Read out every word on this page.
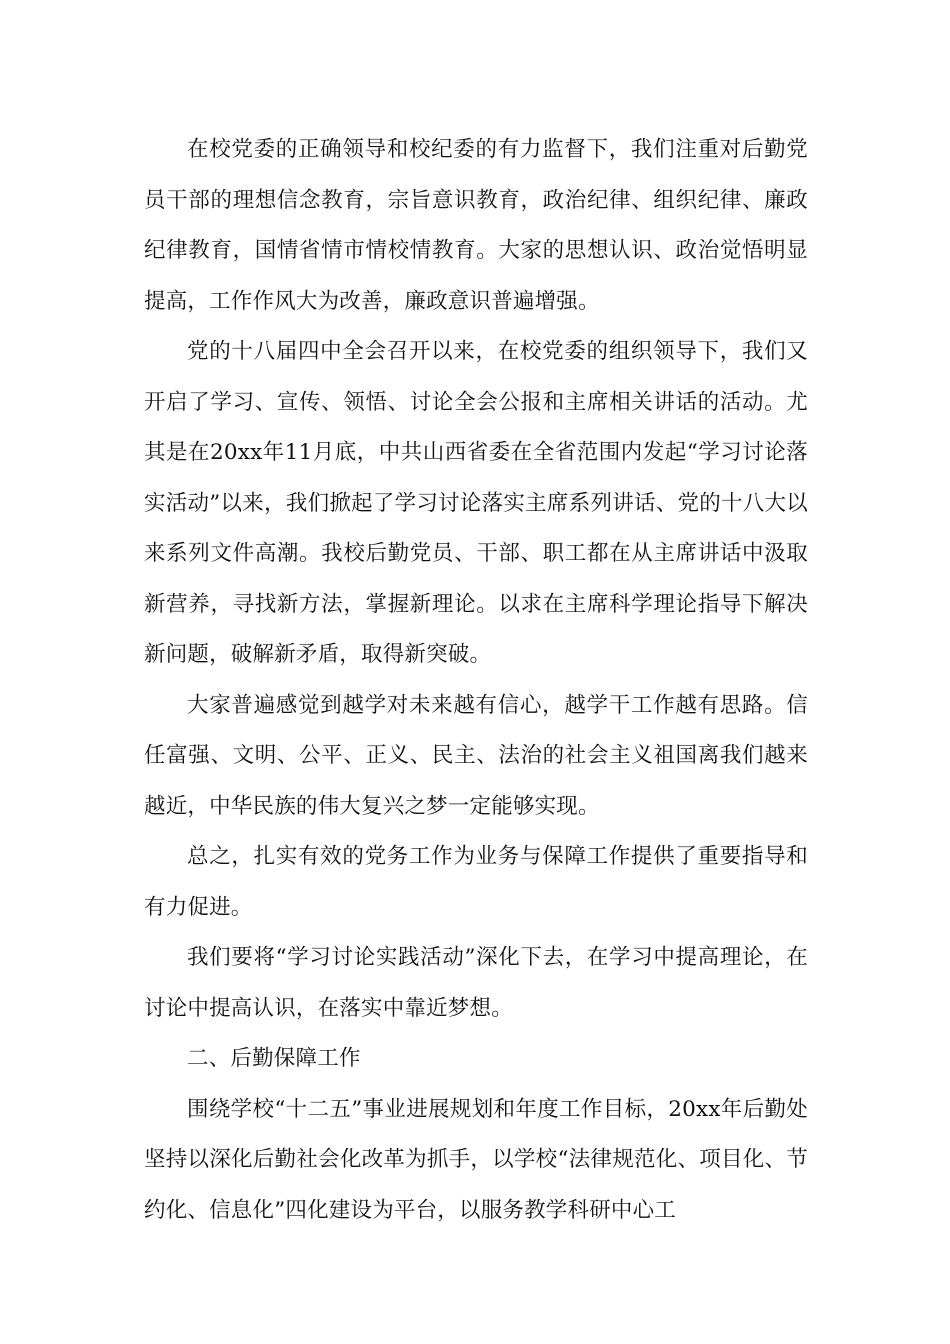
在校党委的正确领导和校纪委的有力监督下，我们注重对后勤党员干部的理想信念教育，宗旨意识教育，政治纪律、组织纪律、廉政纪律教育，国情省情市情校情教育。大家的思想认识、政治觉悟明显提高，工作作风大为改善，廉政意识普遍增强。

党的十八届四中全会召开以来，在校党委的组织领导下，我们又开启了学习、宣传、领悟、讨论全会公报和主席相关讲话的活动。尤其是在20xx年11月底，中共山西省委在全省范围内发起“学习讨论落实活动”以来，我们掀起了学习讨论落实主席系列讲话、党的十八大以来系列文件高潮。我校后勤党员、干部、职工都在从主席讲话中汲取新营养，寻找新方法，掌握新理论。以求在主席科学理论指导下解决新问题，破解新矛盾，取得新突破。

大家普遍感觉到越学对未来越有信心，越学干工作越有思路。信任富强、文明、公平、正义、民主、法治的社会主义祖国离我们越来越近，中华民族的伟大复兴之梦一定能够实现。

总之，扎实有效的党务工作为业务与保障工作提供了重要指导和有力促进。

我们要将“学习讨论实践活动”深化下去，在学习中提高理论，在讨论中提高认识，在落实中靠近梦想。

二、后勤保障工作

围绕学校“十二五”事业进展规划和年度工作目标，20xx年后勤处坚持以深化后勤社会化改革为抓手，以学校“法律规范化、项目化、节约化、信息化”四化建设为平台，以服务教学科研中心工
